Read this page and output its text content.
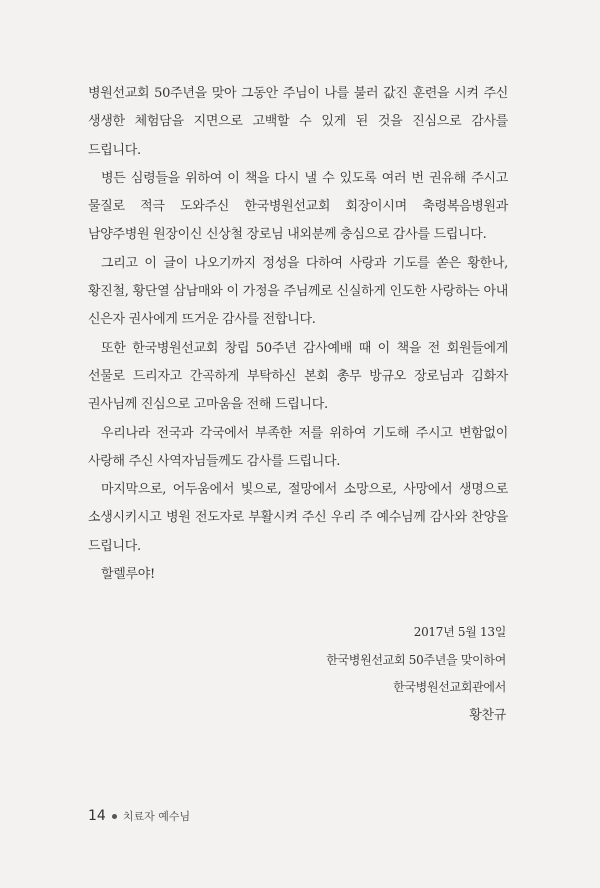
병원선교회 50주년을 맞아 그동안 주님이 나를 불러 값진 훈련을 시켜 주신 생생한 체험담을 지면으로 고백할 수 있게 된 것을 진심으로 감사를 드립니다.

병든 심령들을 위하여 이 책을 다시 낼 수 있도록 여러 번 권유해 주시고 물질로 적극 도와주신 한국병원선교회 회장이시며 축령복음병원과 남양주병원 원장이신 신상철 장로님 내외분께 충심으로 감사를 드립니다.

그리고 이 글이 나오기까지 정성을 다하여 사랑과 기도를 쏟은 황한나, 황진철, 황단열 삼남매와 이 가정을 주님께로 신실하게 인도한 사랑하는 아내 신은자 권사에게 뜨거운 감사를 전합니다.

또한 한국병원선교회 창립 50주년 감사예배 때 이 책을 전 회원들에게 선물로 드리자고 간곡하게 부탁하신 본회 총무 방규오 장로님과 김화자 권사님께 진심으로 고마움을 전해 드립니다.

우리나라 전국과 각국에서 부족한 저를 위하여 기도해 주시고 변함없이 사랑해 주신 사역자님들께도 감사를 드립니다.

마지막으로, 어두움에서 빛으로, 절망에서 소망으로, 사망에서 생명으로 소생시키시고 병원 전도자로 부활시켜 주신 우리 주 예수님께 감사와 찬양을 드립니다.

할렐루야!

2017년 5월 13일
한국병원선교회 50주년을 맞이하여
한국병원선교회관에서
황찬규
14 치료자 예수님
